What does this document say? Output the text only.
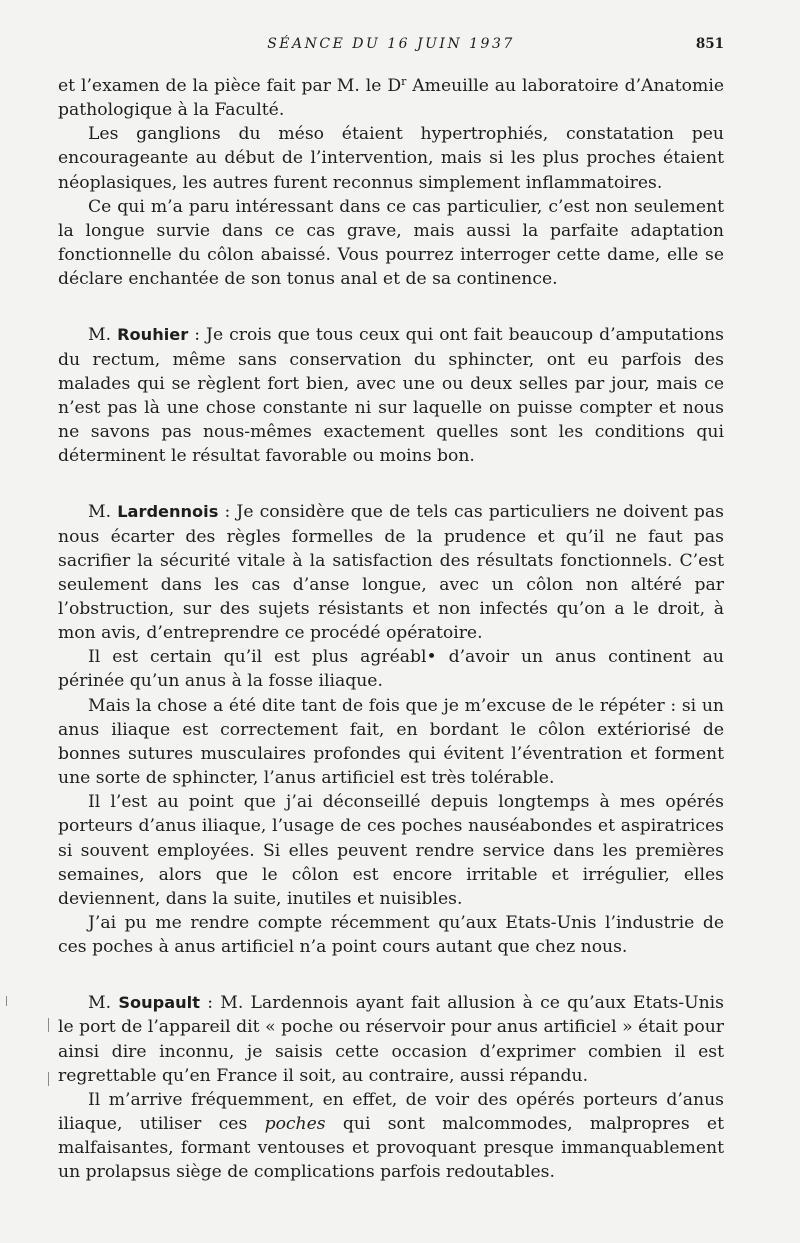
SÉANCE DU 16 JUIN 1937	851

et l’examen de la pièce fait par M. le $D^r$ Ameuille au laboratoire d’Anatomie pathologique à la Faculté.

Les ganglions du méso étaient hypertrophiés, constatation peu encourageante au début de l’intervention, mais si les plus proches étaient néoplasiques, les autres furent reconnus simplement inflammatoires.

Ce qui m’a paru intéressant dans ce cas particulier, c’est non seulement la longue survie dans ce cas grave, mais aussi la parfaite adaptation fonctionnelle du côlon abaissé. Vous pourrez interroger cette dame, elle se déclare enchantée de son tonus anal et de sa continence.

M. Rouhier : Je crois que tous ceux qui ont fait beaucoup d’amputations du rectum, même sans conservation du sphincter, ont eu parfois des malades qui se règlent fort bien, avec une ou deux selles par jour, mais ce n’est pas là une chose constante ni sur laquelle on puisse compter et nous ne savons pas nous-mêmes exactement quelles sont les conditions qui déterminent le résultat favorable ou moins bon.

M. Lardennois : Je considère que de tels cas particuliers ne doivent pas nous écarter des règles formelles de la prudence et qu’il ne faut pas sacrifier la sécurité vitale à la satisfaction des résultats fonctionnels. C’est seulement dans les cas d’anse longue, avec un côlon non altéré par l’obstruction, sur des sujets résistants et non infectés qu’on a le droit, à mon avis, d’entreprendre ce procédé opératoire.

Il est certain qu’il est plus agréabl• d’avoir un anus continent au périnée qu’un anus à la fosse iliaque.

Mais la chose a été dite tant de fois que je m’excuse de le répéter : si un anus iliaque est correctement fait, en bordant le côlon extériorisé de bonnes sutures musculaires profondes qui évitent l’éventration et forment une sorte de sphincter, l’anus artificiel est très tolérable.

Il l’est au point que j’ai déconseillé depuis longtemps à mes opérés porteurs d’anus iliaque, l’usage de ces poches nauséabondes et aspiratrices si souvent employées. Si elles peuvent rendre service dans les premières semaines, alors que le côlon est encore irritable et irrégulier, elles deviennent, dans la suite, inutiles et nuisibles.

J’ai pu me rendre compte récemment qu’aux Etats-Unis l’industrie de ces poches à anus artificiel n’a point cours autant que chez nous.

M. Soupault : M. Lardennois ayant fait allusion à ce qu’aux Etats-Unis le port de l’appareil dit « poche ou réservoir pour anus artificiel » était pour ainsi dire inconnu, je saisis cette occasion d’exprimer combien il est regrettable qu’en France il soit, au contraire, aussi répandu.

Il m’arrive fréquemment, en effet, de voir des opérés porteurs d’anus iliaque, utiliser ces poches qui sont malcommodes, malpropres et malfaisantes, formant ventouses et provoquant presque immanquablement un prolapsus siège de complications parfois redoutables.
